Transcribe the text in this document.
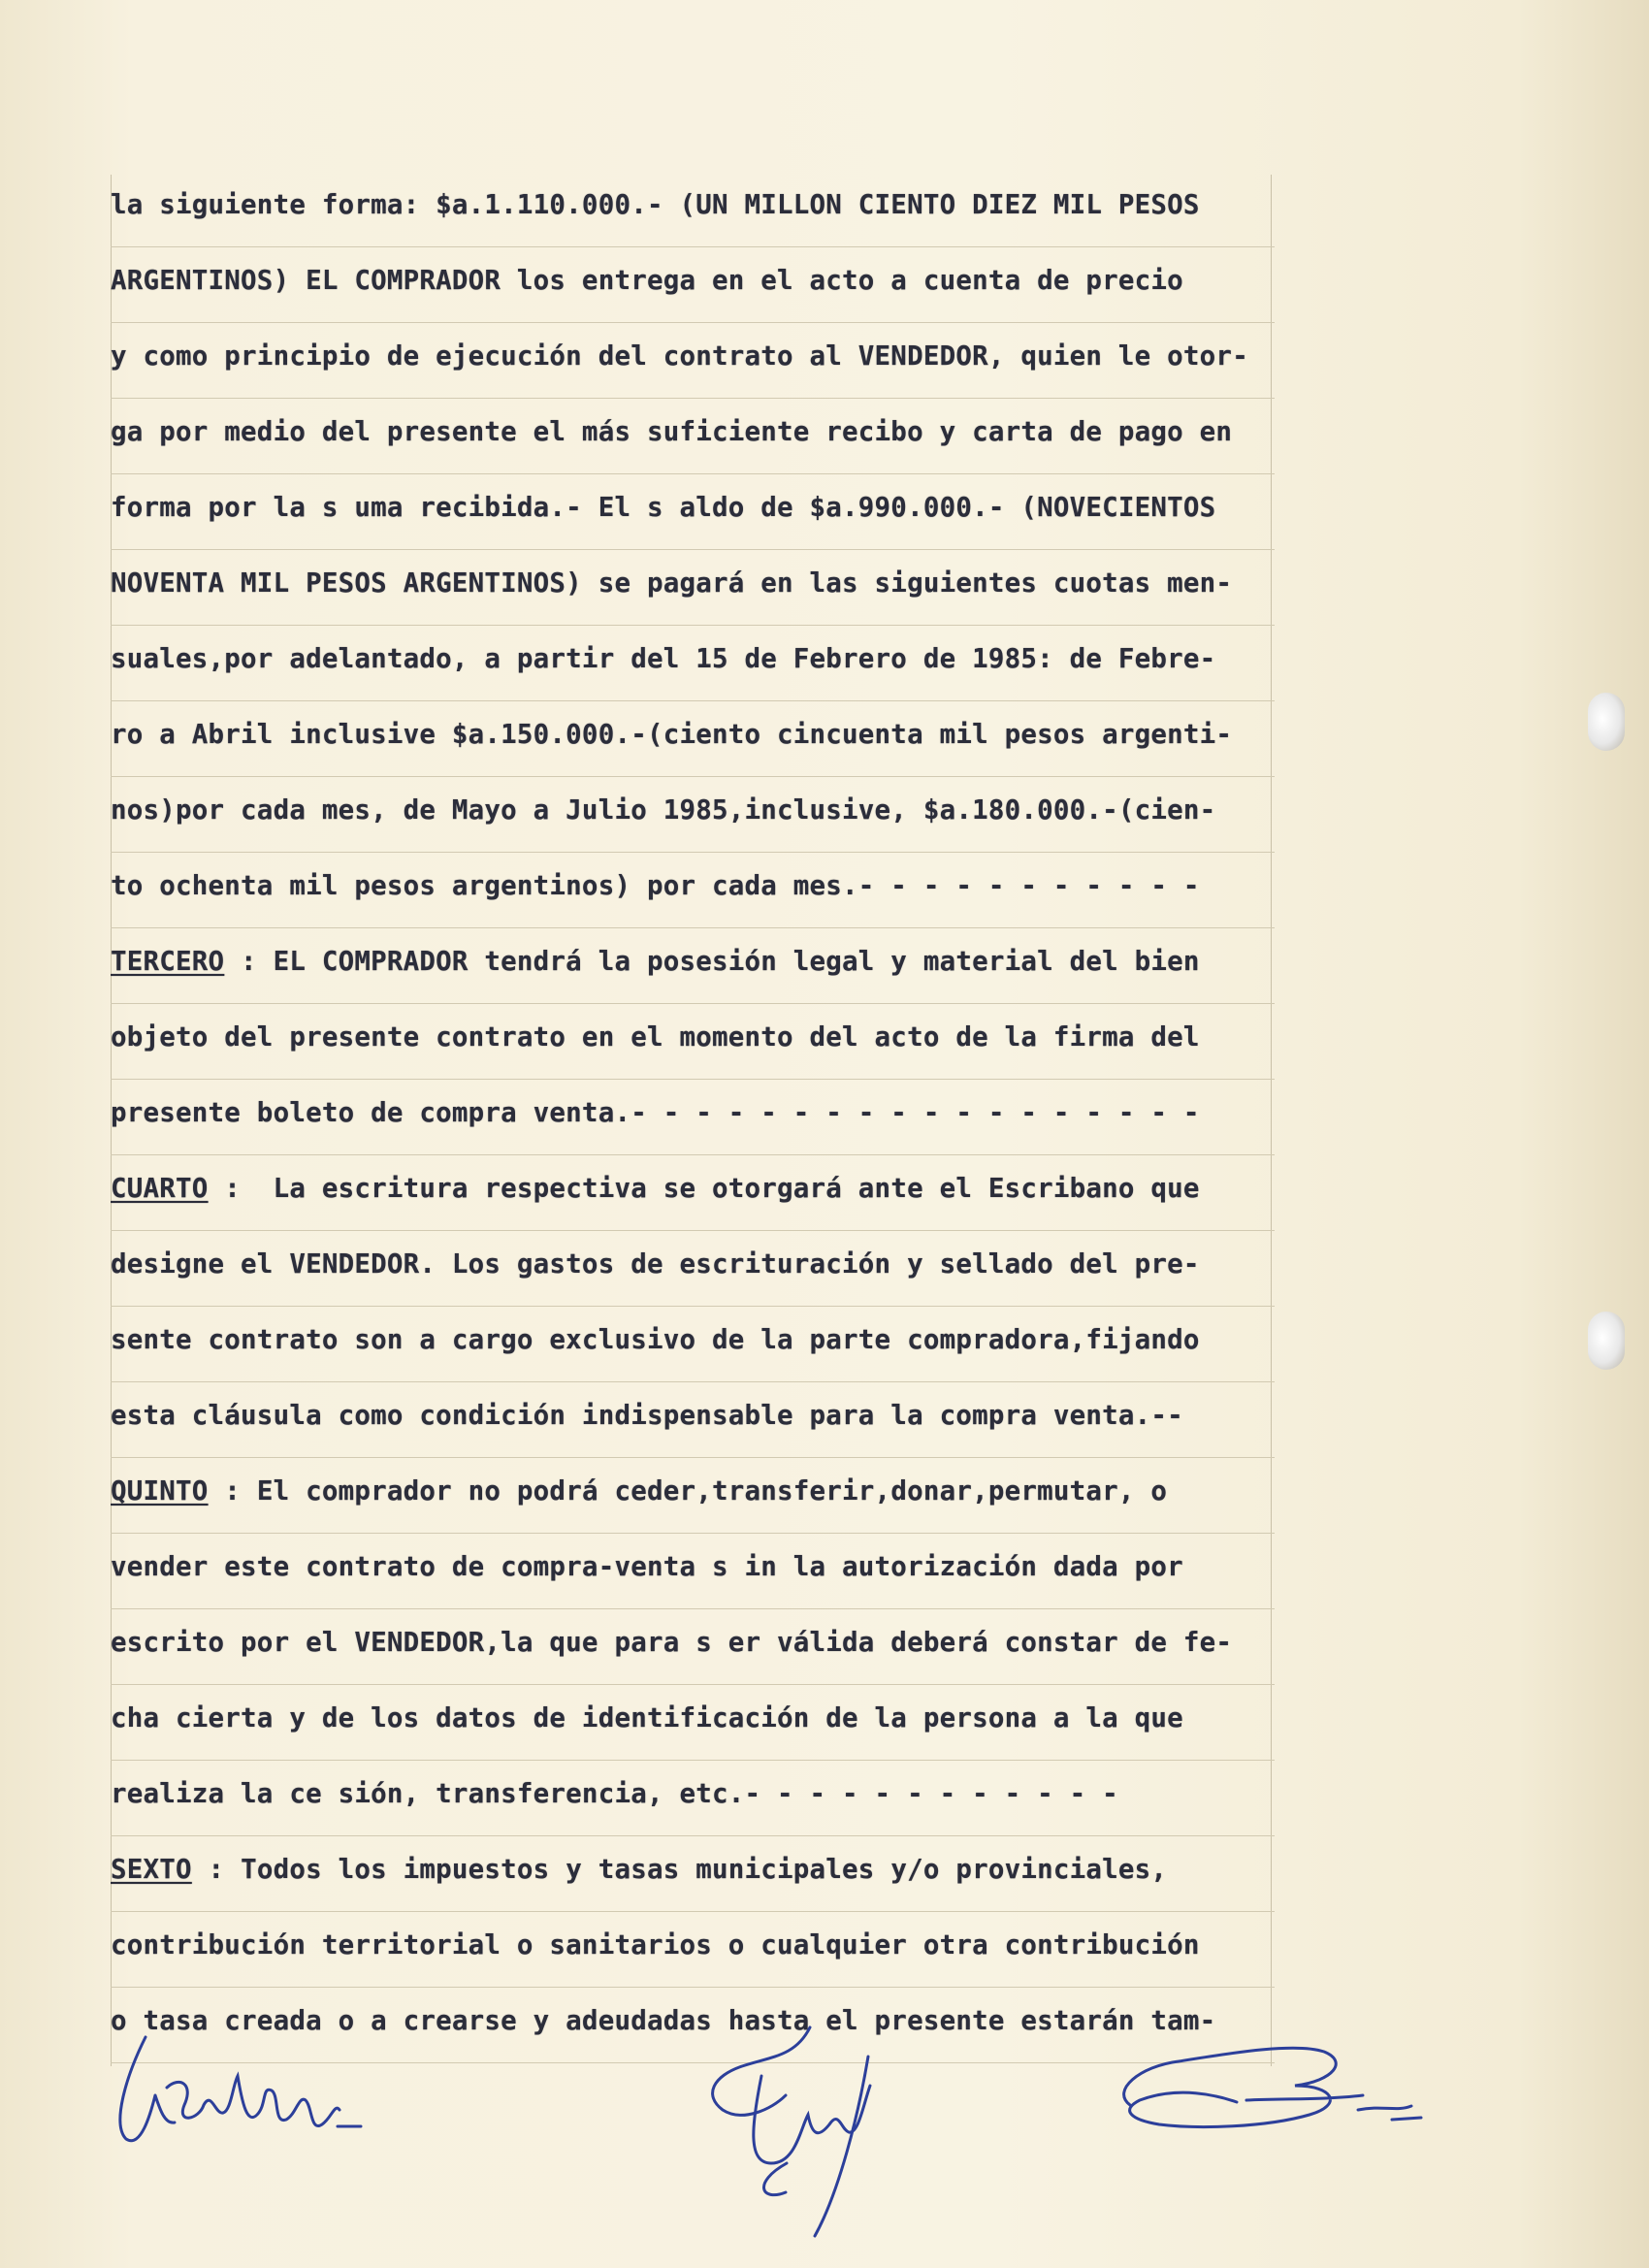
la siguiente forma: $a.1.110.000.- (UN MILLON CIENTO DIEZ MIL PESOS
ARGENTINOS) EL COMPRADOR los entrega en el acto a cuenta de precio
y como principio de ejecución del contrato al VENDEDOR, quien le otor-
ga por medio del presente el más suficiente recibo y carta de pago en
forma por la s uma recibida.- El s aldo de $a.990.000.- (NOVECIENTOS
NOVENTA MIL PESOS ARGENTINOS) se pagará en las siguientes cuotas men-
suales,por adelantado, a partir del 15 de Febrero de 1985: de Febre-
ro a Abril inclusive $a.150.000.-(ciento cincuenta mil pesos argenti-
nos)por cada mes, de Mayo a Julio 1985,inclusive, $a.180.000.-(cien-
to ochenta mil pesos argentinos) por cada mes.- - - - - - - - - - -
TERCERO : EL COMPRADOR tendrá la posesión legal y material del bien
objeto del presente contrato en el momento del acto de la firma del
presente boleto de compra venta.- - - - - - - - - - - - - - - - - -
CUARTO :  La escritura respectiva se otorgará ante el Escribano que
designe el VENDEDOR. Los gastos de escrituración y sellado del pre-
sente contrato son a cargo exclusivo de la parte compradora,fijando
esta cláusula como condición indispensable para la compra venta.--
QUINTO : El comprador no podrá ceder,transferir,donar,permutar, o
vender este contrato de compra-venta s in la autorización dada por
escrito por el VENDEDOR,la que para s er válida deberá constar de fe-
cha cierta y de los datos de identificación de la persona a la que
realiza la ce sión, transferencia, etc.- - - - - - - - - - - -
SEXTO : Todos los impuestos y tasas municipales y/o provinciales,
contribución territorial o sanitarios o cualquier otra contribución
o tasa creada o a crearse y adeudadas hasta el presente estarán tam-
